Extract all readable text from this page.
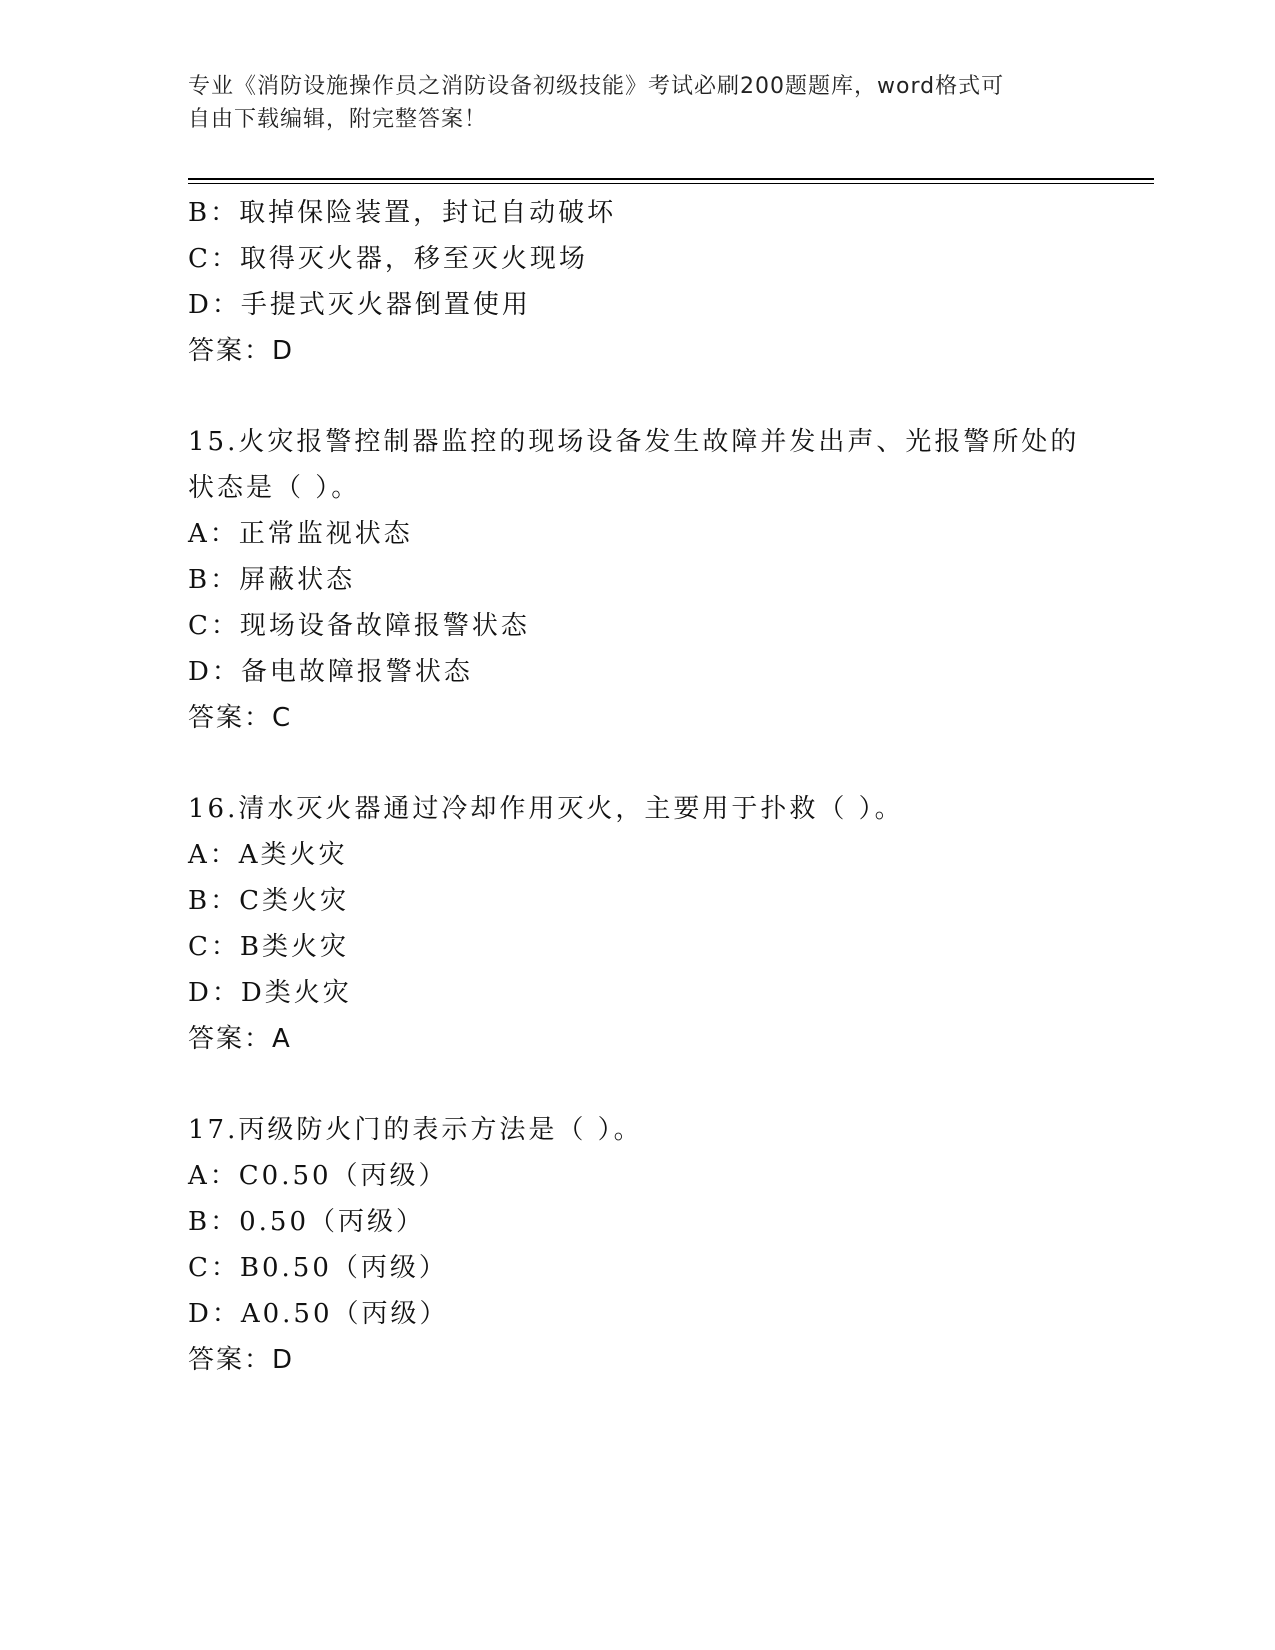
专业《消防设施操作员之消防设备初级技能》考试必刷200题题库，word格式可
自由下载编辑，附完整答案！
B：取掉保险装置，封记自动破坏
C：取得灭火器，移至灭火现场
D：手提式灭火器倒置使用
答案：D
15.火灾报警控制器监控的现场设备发生故障并发出声、光报警所处的
状态是（ ）。
A：正常监视状态
B：屏蔽状态
C：现场设备故障报警状态
D：备电故障报警状态
答案：C
16.清水灭火器通过冷却作用灭火，主要用于扑救（ ）。
A：A类火灾
B：C类火灾
C：B类火灾
D：D类火灾
答案：A
17.丙级防火门的表示方法是（ ）。
A：C0.50（丙级）
B：0.50（丙级）
C：B0.50（丙级）
D：A0.50（丙级）
答案：D
